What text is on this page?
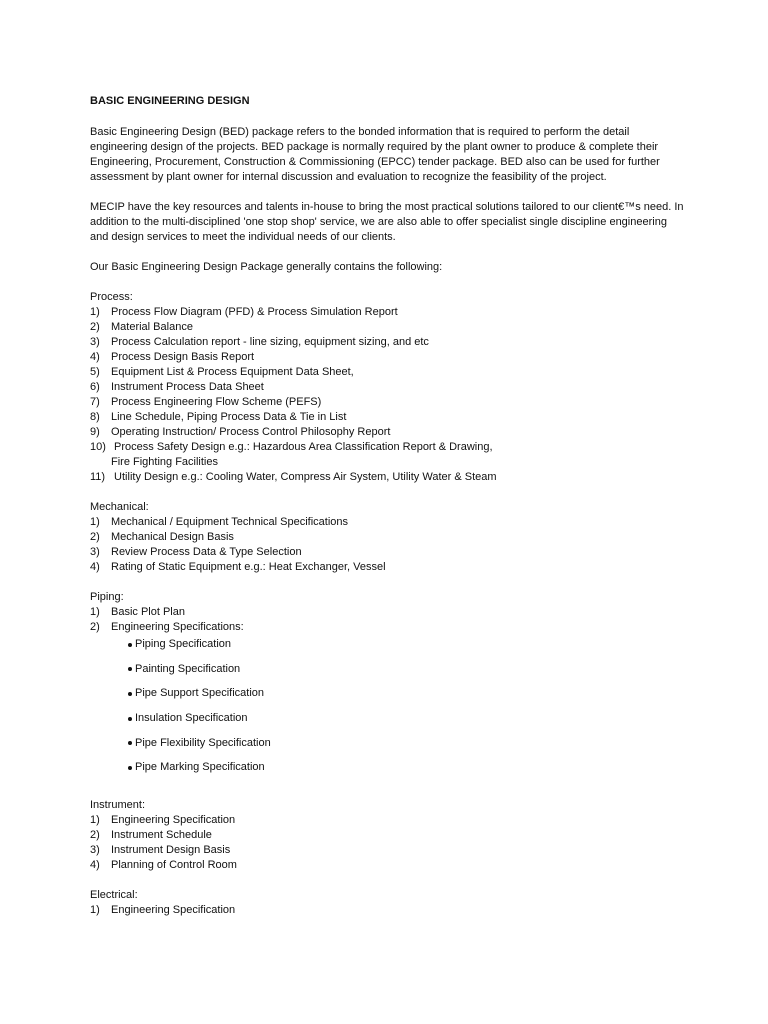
BASIC ENGINEERING DESIGN

Basic Engineering Design (BED) package refers to the bonded information that is required to perform the detail
engineering design of the projects. BED package is normally required by the plant owner to produce & complete their
Engineering, Procurement, Construction & Commissioning (EPCC) tender package. BED also can be used for further
assessment by plant owner for internal discussion and evaluation to recognize the feasibility of the project.

MECIP have the key resources and talents in-house to bring the most practical solutions tailored to our client€™s need. In
addition to the multi-disciplined 'one stop shop' service, we are also able to offer specialist single discipline engineering
and design services to meet the individual needs of our clients.

Our Basic Engineering Design Package generally contains the following:

Process:

1)	Process Flow Diagram (PFD) & Process Simulation Report
2)	Material Balance
3)	Process Calculation report - line sizing, equipment sizing, and etc
4)	Process Design Basis Report
5)	Equipment List & Process Equipment Data Sheet,
6)	Instrument Process Data Sheet
7)	Process Engineering Flow Scheme (PEFS)
8)	Line Schedule, Piping Process Data & Tie in List
9)	Operating Instruction/ Process Control Philosophy Report
10) Process Safety Design e.g.: Hazardous Area Classification Report & Drawing,
Fire Fighting Facilities
11) Utility Design e.g.: Cooling Water, Compress Air System, Utility Water & Steam

Mechanical:

1)	Mechanical / Equipment Technical Specifications
2)	Mechanical Design Basis
3)	Review Process Data & Type Selection
4)	Rating of Static Equipment e.g.: Heat Exchanger, Vessel

Piping:

1)	Basic Plot Plan
2)	Engineering Specifications:
Piping Specification
Painting Specification
Pipe Support Specification
Insulation Specification
Pipe Flexibility Specification
Pipe Marking Specification

Instrument:

1)	Engineering Specification
2)	Instrument Schedule
3)	Instrument Design Basis
4)	Planning of Control Room

Electrical:

1)	Engineering Specification
